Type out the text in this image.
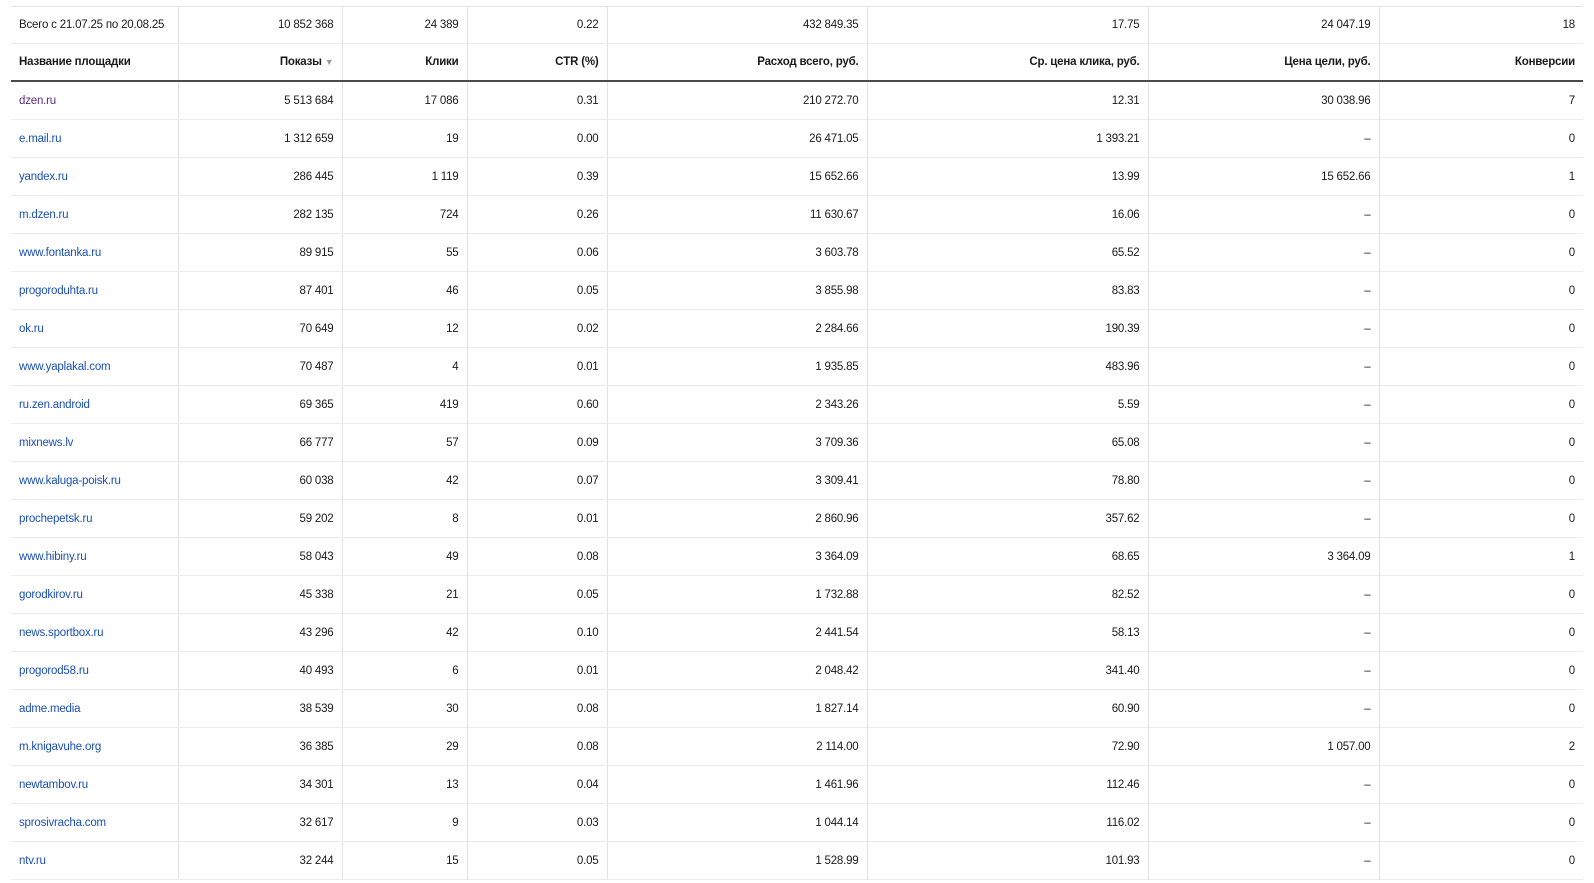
Всего с 21.07.25 по 20.08.25	10 852 368	24 389	0.22	432 849.35	17.75	24 047.19	18
Название площадки	Показы ▼	Клики	CTR (%)	Расход всего, руб.	Ср. цена клика, руб.	Цена цели, руб.	Конверсии
dzen.ru	5 513 684	17 086	0.31	210 272.70	12.31	30 038.96	7
e.mail.ru	1 312 659	19	0.00	26 471.05	1 393.21	–	0
yandex.ru	286 445	1 119	0.39	15 652.66	13.99	15 652.66	1
m.dzen.ru	282 135	724	0.26	11 630.67	16.06	–	0
www.fontanka.ru	89 915	55	0.06	3 603.78	65.52	–	0
progoroduhta.ru	87 401	46	0.05	3 855.98	83.83	–	0
ok.ru	70 649	12	0.02	2 284.66	190.39	–	0
www.yaplakal.com	70 487	4	0.01	1 935.85	483.96	–	0
ru.zen.android	69 365	419	0.60	2 343.26	5.59	–	0
mixnews.lv	66 777	57	0.09	3 709.36	65.08	–	0
www.kaluga-poisk.ru	60 038	42	0.07	3 309.41	78.80	–	0
prochepetsk.ru	59 202	8	0.01	2 860.96	357.62	–	0
www.hibiny.ru	58 043	49	0.08	3 364.09	68.65	3 364.09	1
gorodkirov.ru	45 338	21	0.05	1 732.88	82.52	–	0
news.sportbox.ru	43 296	42	0.10	2 441.54	58.13	–	0
progorod58.ru	40 493	6	0.01	2 048.42	341.40	–	0
adme.media	38 539	30	0.08	1 827.14	60.90	–	0
m.knigavuhe.org	36 385	29	0.08	2 114.00	72.90	1 057.00	2
newtambov.ru	34 301	13	0.04	1 461.96	112.46	–	0
sprosivracha.com	32 617	9	0.03	1 044.14	116.02	–	0
ntv.ru	32 244	15	0.05	1 528.99	101.93	–	0
